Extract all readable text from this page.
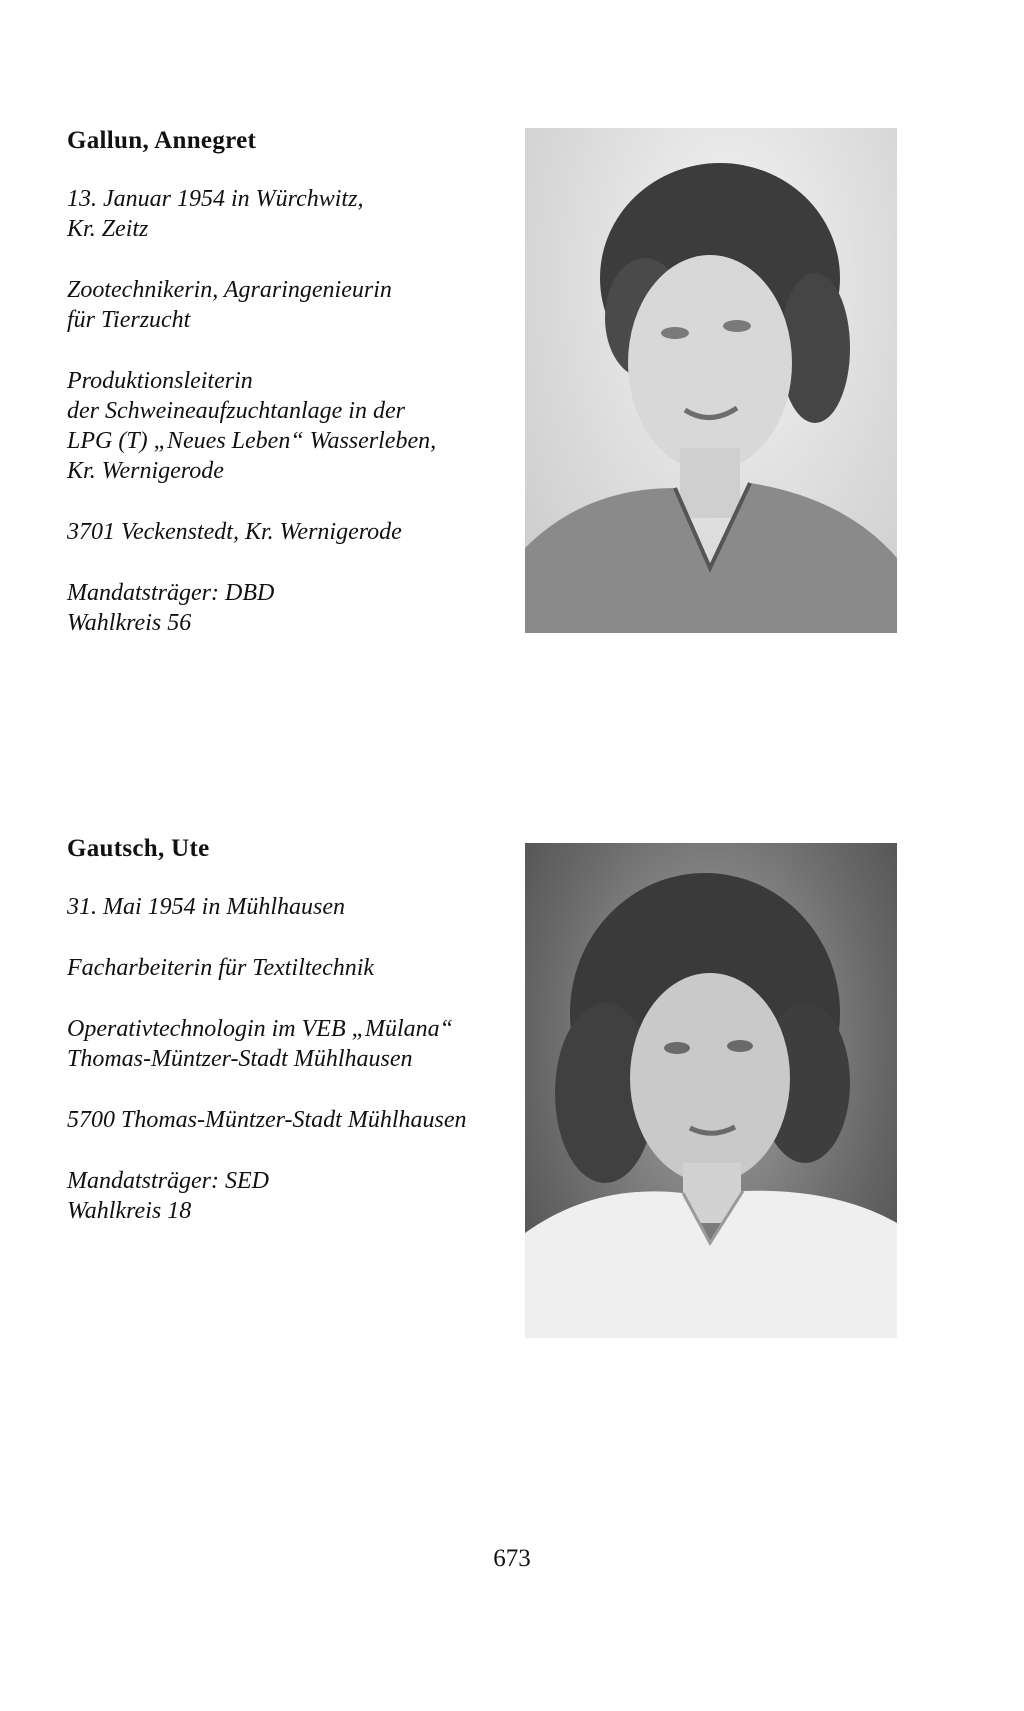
Gallun, Annegret
13. Januar 1954 in Würchwitz,
Kr. Zeitz
Zootechnikerin, Agraringenieurin
für Tierzucht
Produktionsleiterin
der Schweineaufzuchtanlage in der
LPG (T) „Neues Leben“ Wasserleben,
Kr. Wernigerode
3701 Veckenstedt, Kr. Wernigerode
Mandatsträger: DBD
Wahlkreis 56
Gautsch, Ute
31. Mai 1954 in Mühlhausen
Facharbeiterin für Textiltechnik
Operativtechnologin im VEB „Mülana“
Thomas-Müntzer-Stadt Mühlhausen
5700 Thomas-Müntzer-Stadt Mühlhausen
Mandatsträger: SED
Wahlkreis 18
673
